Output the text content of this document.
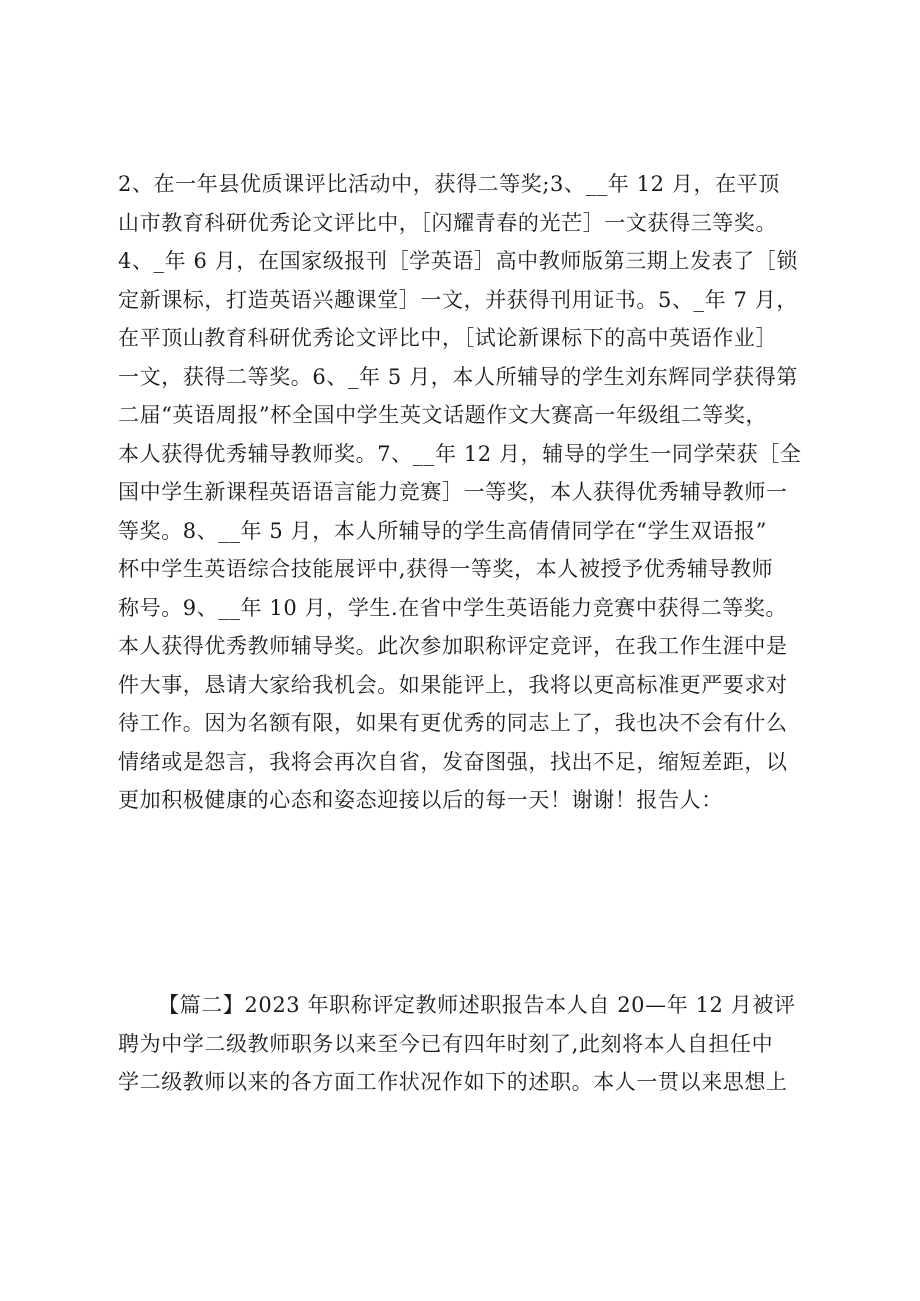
2、在一年县优质课评比活动中，获得二等奖;3、__年 12 月，在平顶
山市教育科研优秀论文评比中，［闪耀青春的光芒］一文获得三等奖。
4、_年 6 月，在国家级报刊［学英语］高中教师版第三期上发表了［锁
定新课标，打造英语兴趣课堂］一文，并获得刊用证书。5、_年 7 月，
在平顶山教育科研优秀论文评比中，［试论新课标下的高中英语作业］
一文，获得二等奖。6、_年 5 月，本人所辅导的学生刘东辉同学获得第
二届“英语周报”杯全国中学生英文话题作文大赛高一年级组二等奖，
本人获得优秀辅导教师奖。7、__年 12 月，辅导的学生一同学荣获［全
国中学生新课程英语语言能力竞赛］一等奖，本人获得优秀辅导教师一
等奖。8、__年 5 月，本人所辅导的学生高倩倩同学在“学生双语报”
杯中学生英语综合技能展评中,获得一等奖，本人被授予优秀辅导教师
称号。9、__年 10 月，学生.在省中学生英语能力竞赛中获得二等奖。
本人获得优秀教师辅导奖。此次参加职称评定竞评，在我工作生涯中是
件大事，恳请大家给我机会。如果能评上，我将以更高标准更严要求对
待工作。因为名额有限，如果有更优秀的同志上了，我也决不会有什么
情绪或是怨言，我将会再次自省，发奋图强，找出不足，缩短差距，以
更加积极健康的心态和姿态迎接以后的每一天！谢谢！报告人：
【篇二】2023 年职称评定教师述职报告本人自 20—年 12 月被评
聘为中学二级教师职务以来至今已有四年时刻了,此刻将本人自担任中
学二级教师以来的各方面工作状况作如下的述职。本人一贯以来思想上
